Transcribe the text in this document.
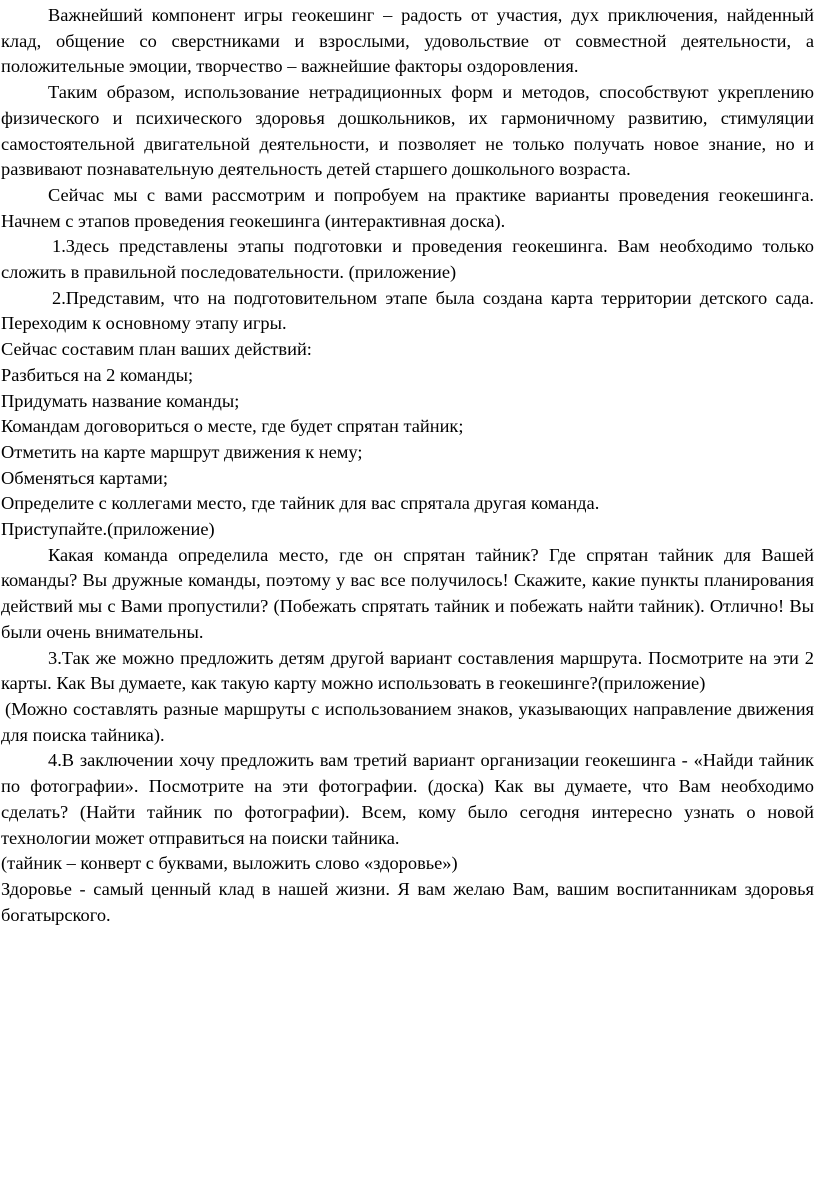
Важнейший компонент игры геокешинг – радость от участия, дух приключения, найденный клад, общение со сверстниками и взрослыми, удовольствие от совместной деятельности, а положительные эмоции, творчество – важнейшие факторы оздоровления.

Таким образом, использование нетрадиционных форм и методов, способствуют укреплению физического и психического здоровья дошкольников, их гармоничному развитию, стимуляции самостоятельной двигательной деятельности, и позволяет не только получать новое знание, но и развивают познавательную деятельность детей старшего дошкольного возраста.

Сейчас мы с вами рассмотрим и попробуем на практике варианты проведения геокешинга. Начнем с этапов проведения геокешинга (интерактивная доска).

1.Здесь представлены этапы подготовки и проведения геокешинга. Вам необходимо только сложить в правильной последовательности. (приложение)

2.Представим, что на подготовительном этапе была создана карта территории детского сада. Переходим к основному этапу игры.

Сейчас составим план ваших действий:

Разбиться на 2 команды;

Придумать название команды;

Командам договориться о месте, где будет спрятан тайник;

Отметить на карте маршрут движения к нему;

Обменяться картами;

Определите с коллегами место, где тайник для вас спрятала другая команда.

Приступайте.(приложение)

Какая команда определила место, где он спрятан тайник? Где спрятан тайник для Вашей команды? Вы дружные команды, поэтому у вас все получилось! Скажите, какие пункты планирования действий мы с Вами пропустили? (Побежать спрятать тайник и побежать найти тайник). Отлично! Вы были очень внимательны.

3.Так же можно предложить детям другой вариант составления маршрута. Посмотрите на эти 2 карты. Как Вы думаете, как такую карту можно использовать в геокешинге?(приложение)

(Можно составлять разные маршруты с использованием знаков, указывающих направление движения для поиска тайника).

4.В заключении хочу предложить вам третий вариант организации геокешинга - «Найди тайник по фотографии». Посмотрите на эти фотографии. (доска) Как вы думаете, что Вам необходимо сделать? (Найти тайник по фотографии). Всем, кому было сегодня интересно узнать о новой технологии может отправиться на поиски тайника.

(тайник – конверт с буквами, выложить слово «здоровье»)

Здоровье - самый ценный клад в нашей жизни. Я вам желаю Вам, вашим воспитанникам здоровья богатырского.
